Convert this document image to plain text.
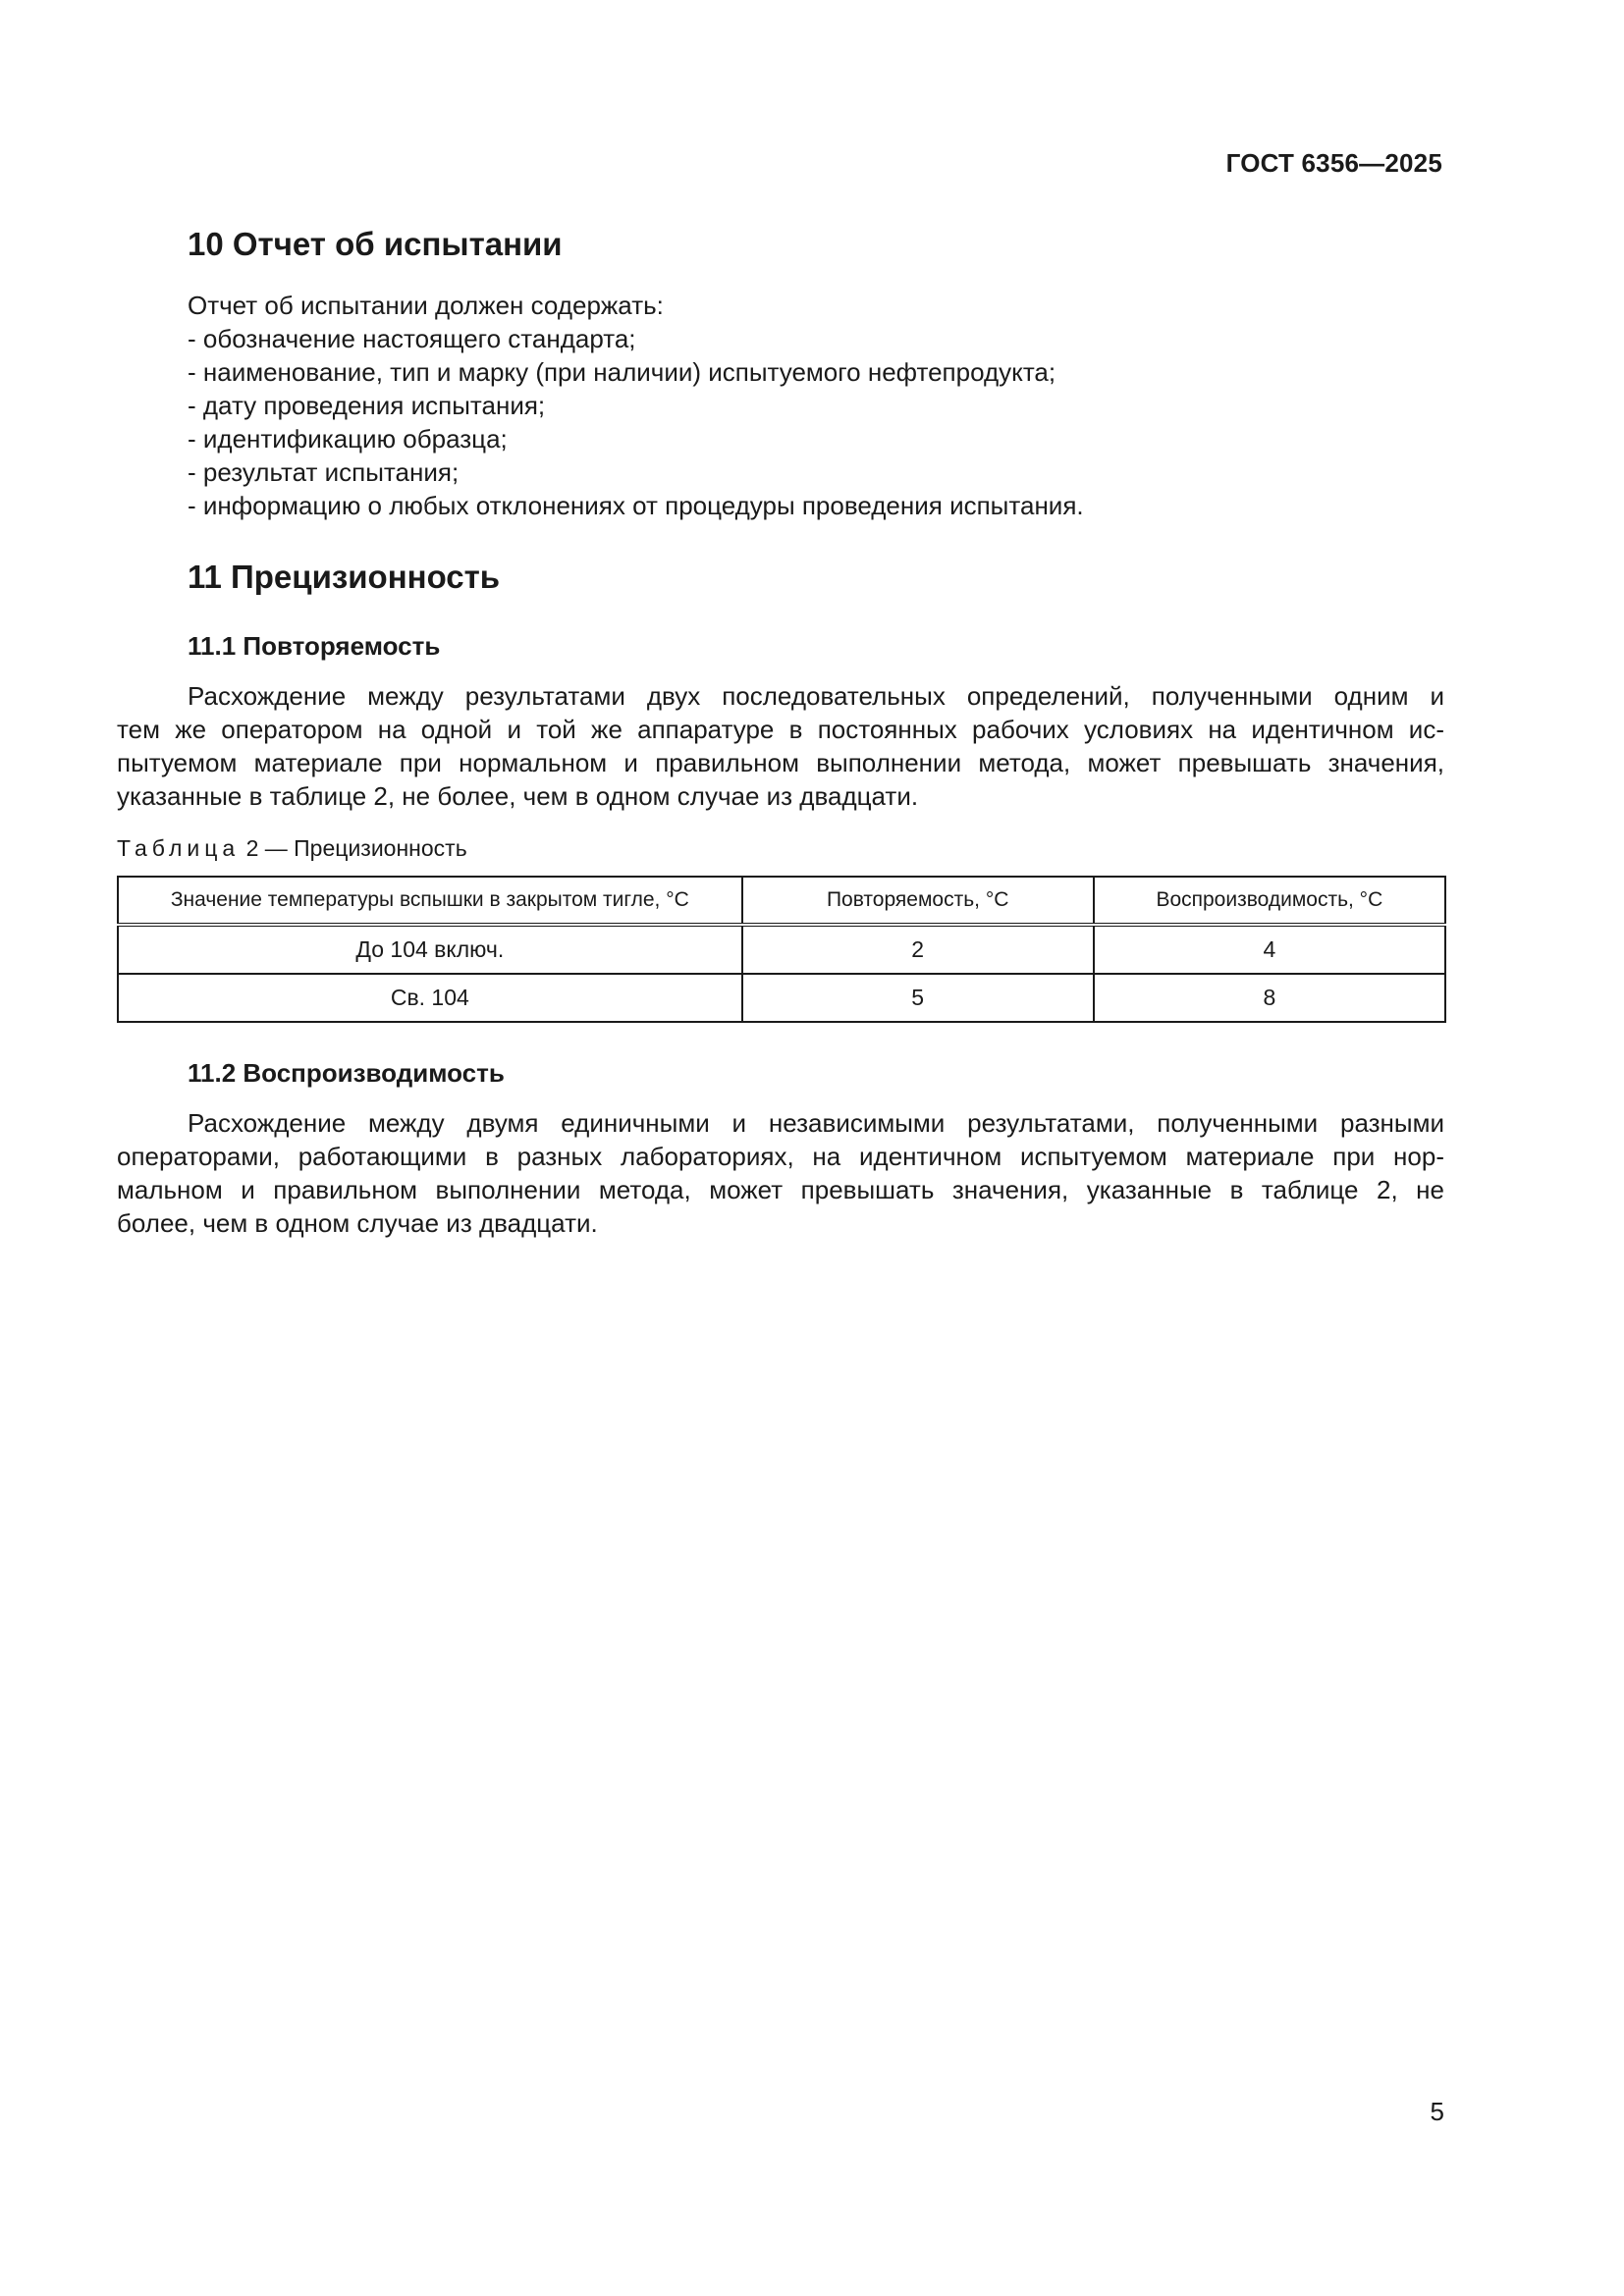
ГОСТ 6356—2025
10 Отчет об испытании
Отчет об испытании должен содержать:
- обозначение настоящего стандарта;
- наименование, тип и марку (при наличии) испытуемого нефтепродукта;
- дату проведения испытания;
- идентификацию образца;
- результат испытания;
- информацию о любых отклонениях от процедуры проведения испытания.
11 Прецизионность
11.1 Повторяемость
Расхождение между результатами двух последовательных определений, полученными одним и
тем же оператором на одной и той же аппаратуре в постоянных рабочих условиях на идентичном ис-
пытуемом материале при нормальном и правильном выполнении метода, может превышать значения,
указанные в таблице 2, не более, чем в одном случае из двадцати.
Таблица 2 — Прецизионность
Значение температуры вспышки в закрытом тигле, °С	Повторяемость, °С	Воспроизводимость, °С
До 104 включ.	2	4
Св. 104	5	8
11.2 Воспроизводимость
Расхождение между двумя единичными и независимыми результатами, полученными разными
операторами, работающими в разных лабораториях, на идентичном испытуемом материале при нор-
мальном и правильном выполнении метода, может превышать значения, указанные в таблице 2, не
более, чем в одном случае из двадцати.
5
